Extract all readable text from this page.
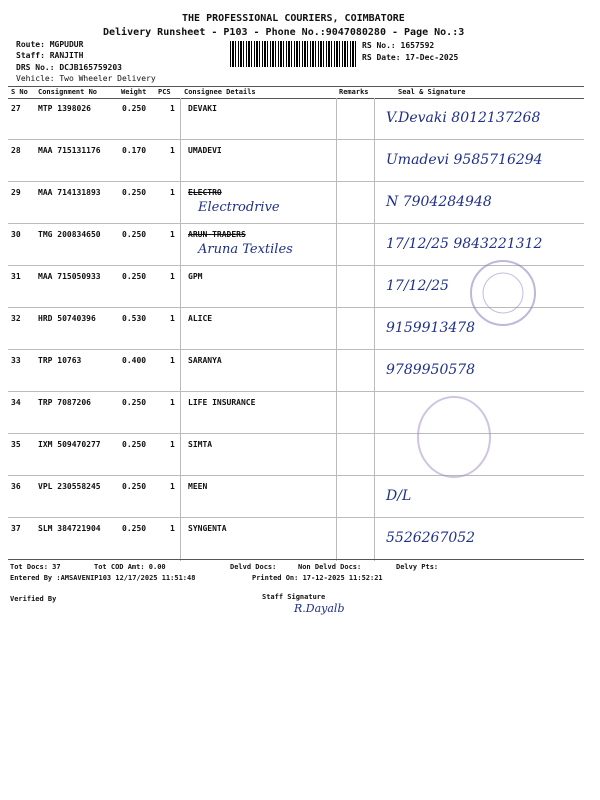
THE PROFESSIONAL COURIERS, COIMBATORE
Delivery Runsheet - P103 - Phone No.:9047080280 - Page No.:3
Route: MGPUDUR
Staff: RANJITH
DRS No.: DCJB165759203
Vehicle: Two Wheeler Delivery
RS No.: 1657592
RS Date: 17-Dec-2025
S No Consignment No	Weight PCS Consignee Details	Remarks	Seal & Signature
27 MTP 1398026	0.250	1 DEVAKI
V.Devaki 8012137268
28 MAA 715131176	0.170	1 UMADEVI
Umadevi 9585716294
29 MAA 714131893	0.250	1 ELECTRO
Electrodrive	N 7904284948
30 TMG 200834650	0.250	1 ARUN TRADERS
Aruna Textiles	17/12/25 9843221312
31 MAA 715050933	0.250	1 GPM
17/12/25
32 HRD 50740396	0.530	1 ALICE
9159913478
33 TRP 10763	0.400	1 SARANYA
9789950578
34 TRP 7087206	0.250	1 LIFE INSURANCE
35 IXM 509470277	0.250	1 SIMTA
36 VPL 230558245	0.250	1 MEEN
D/L
37 SLM 384721904	0.250	1 SYNGENTA
5526267052
Tot Docs: 37	Tot COD Amt: 0.00	Delvd Docs:	Non Delvd Docs:	Delvy Pts:
Entered By :AMSAVENIP103 12/17/2025 11:51:48	Printed On: 17-12-2025 11:52:21
Verified By	Staff Signature
R.Dayalb
